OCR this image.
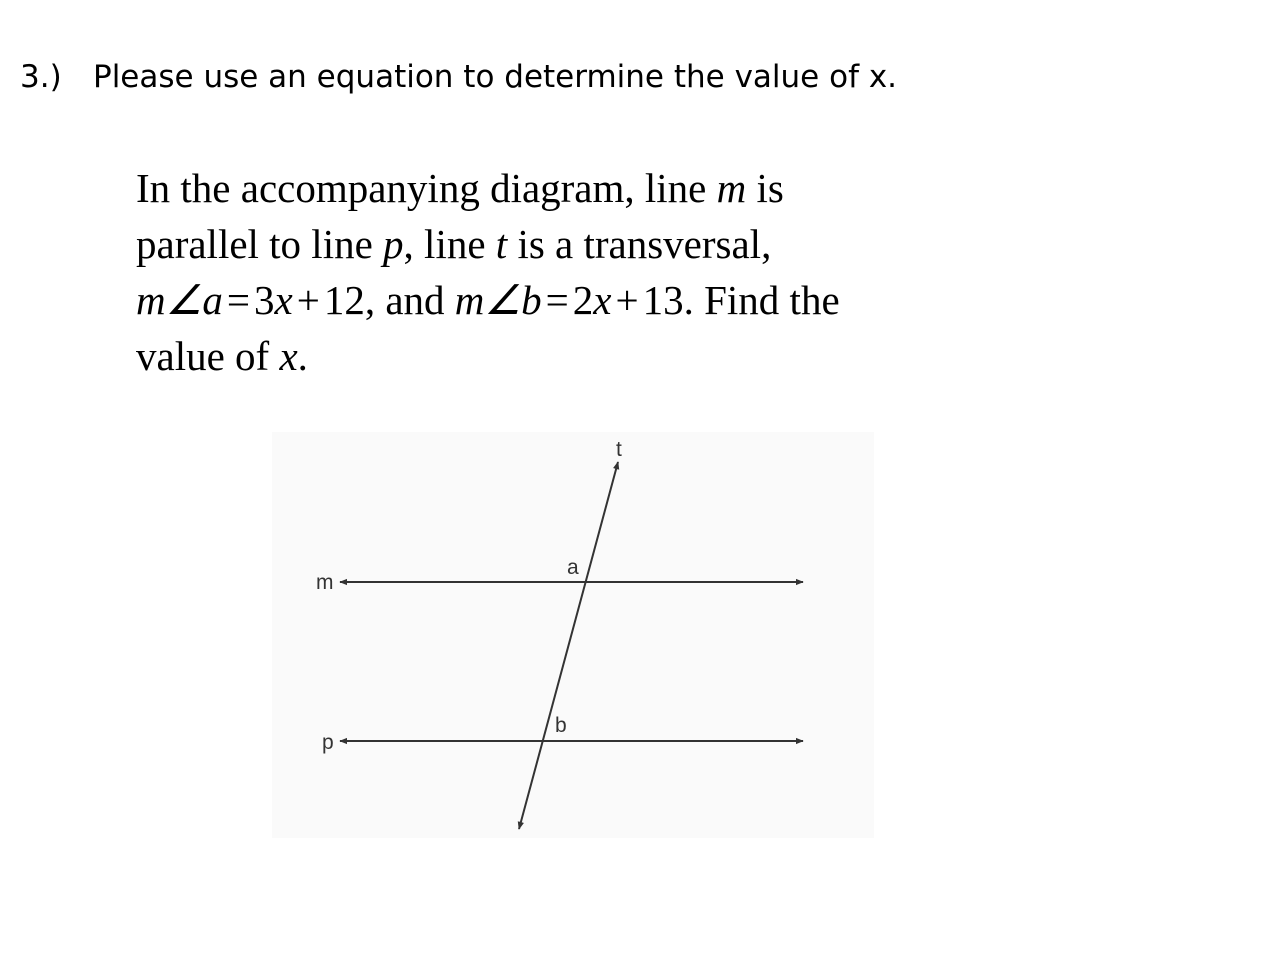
3.) Please use an equation to determine the value of x.
In the accompanying diagram, line m is
parallel to line p, line t is a transversal,
m∠a=3x+12, and m∠b=2x+13. Find the
value of x.
m
p
t
a
b
